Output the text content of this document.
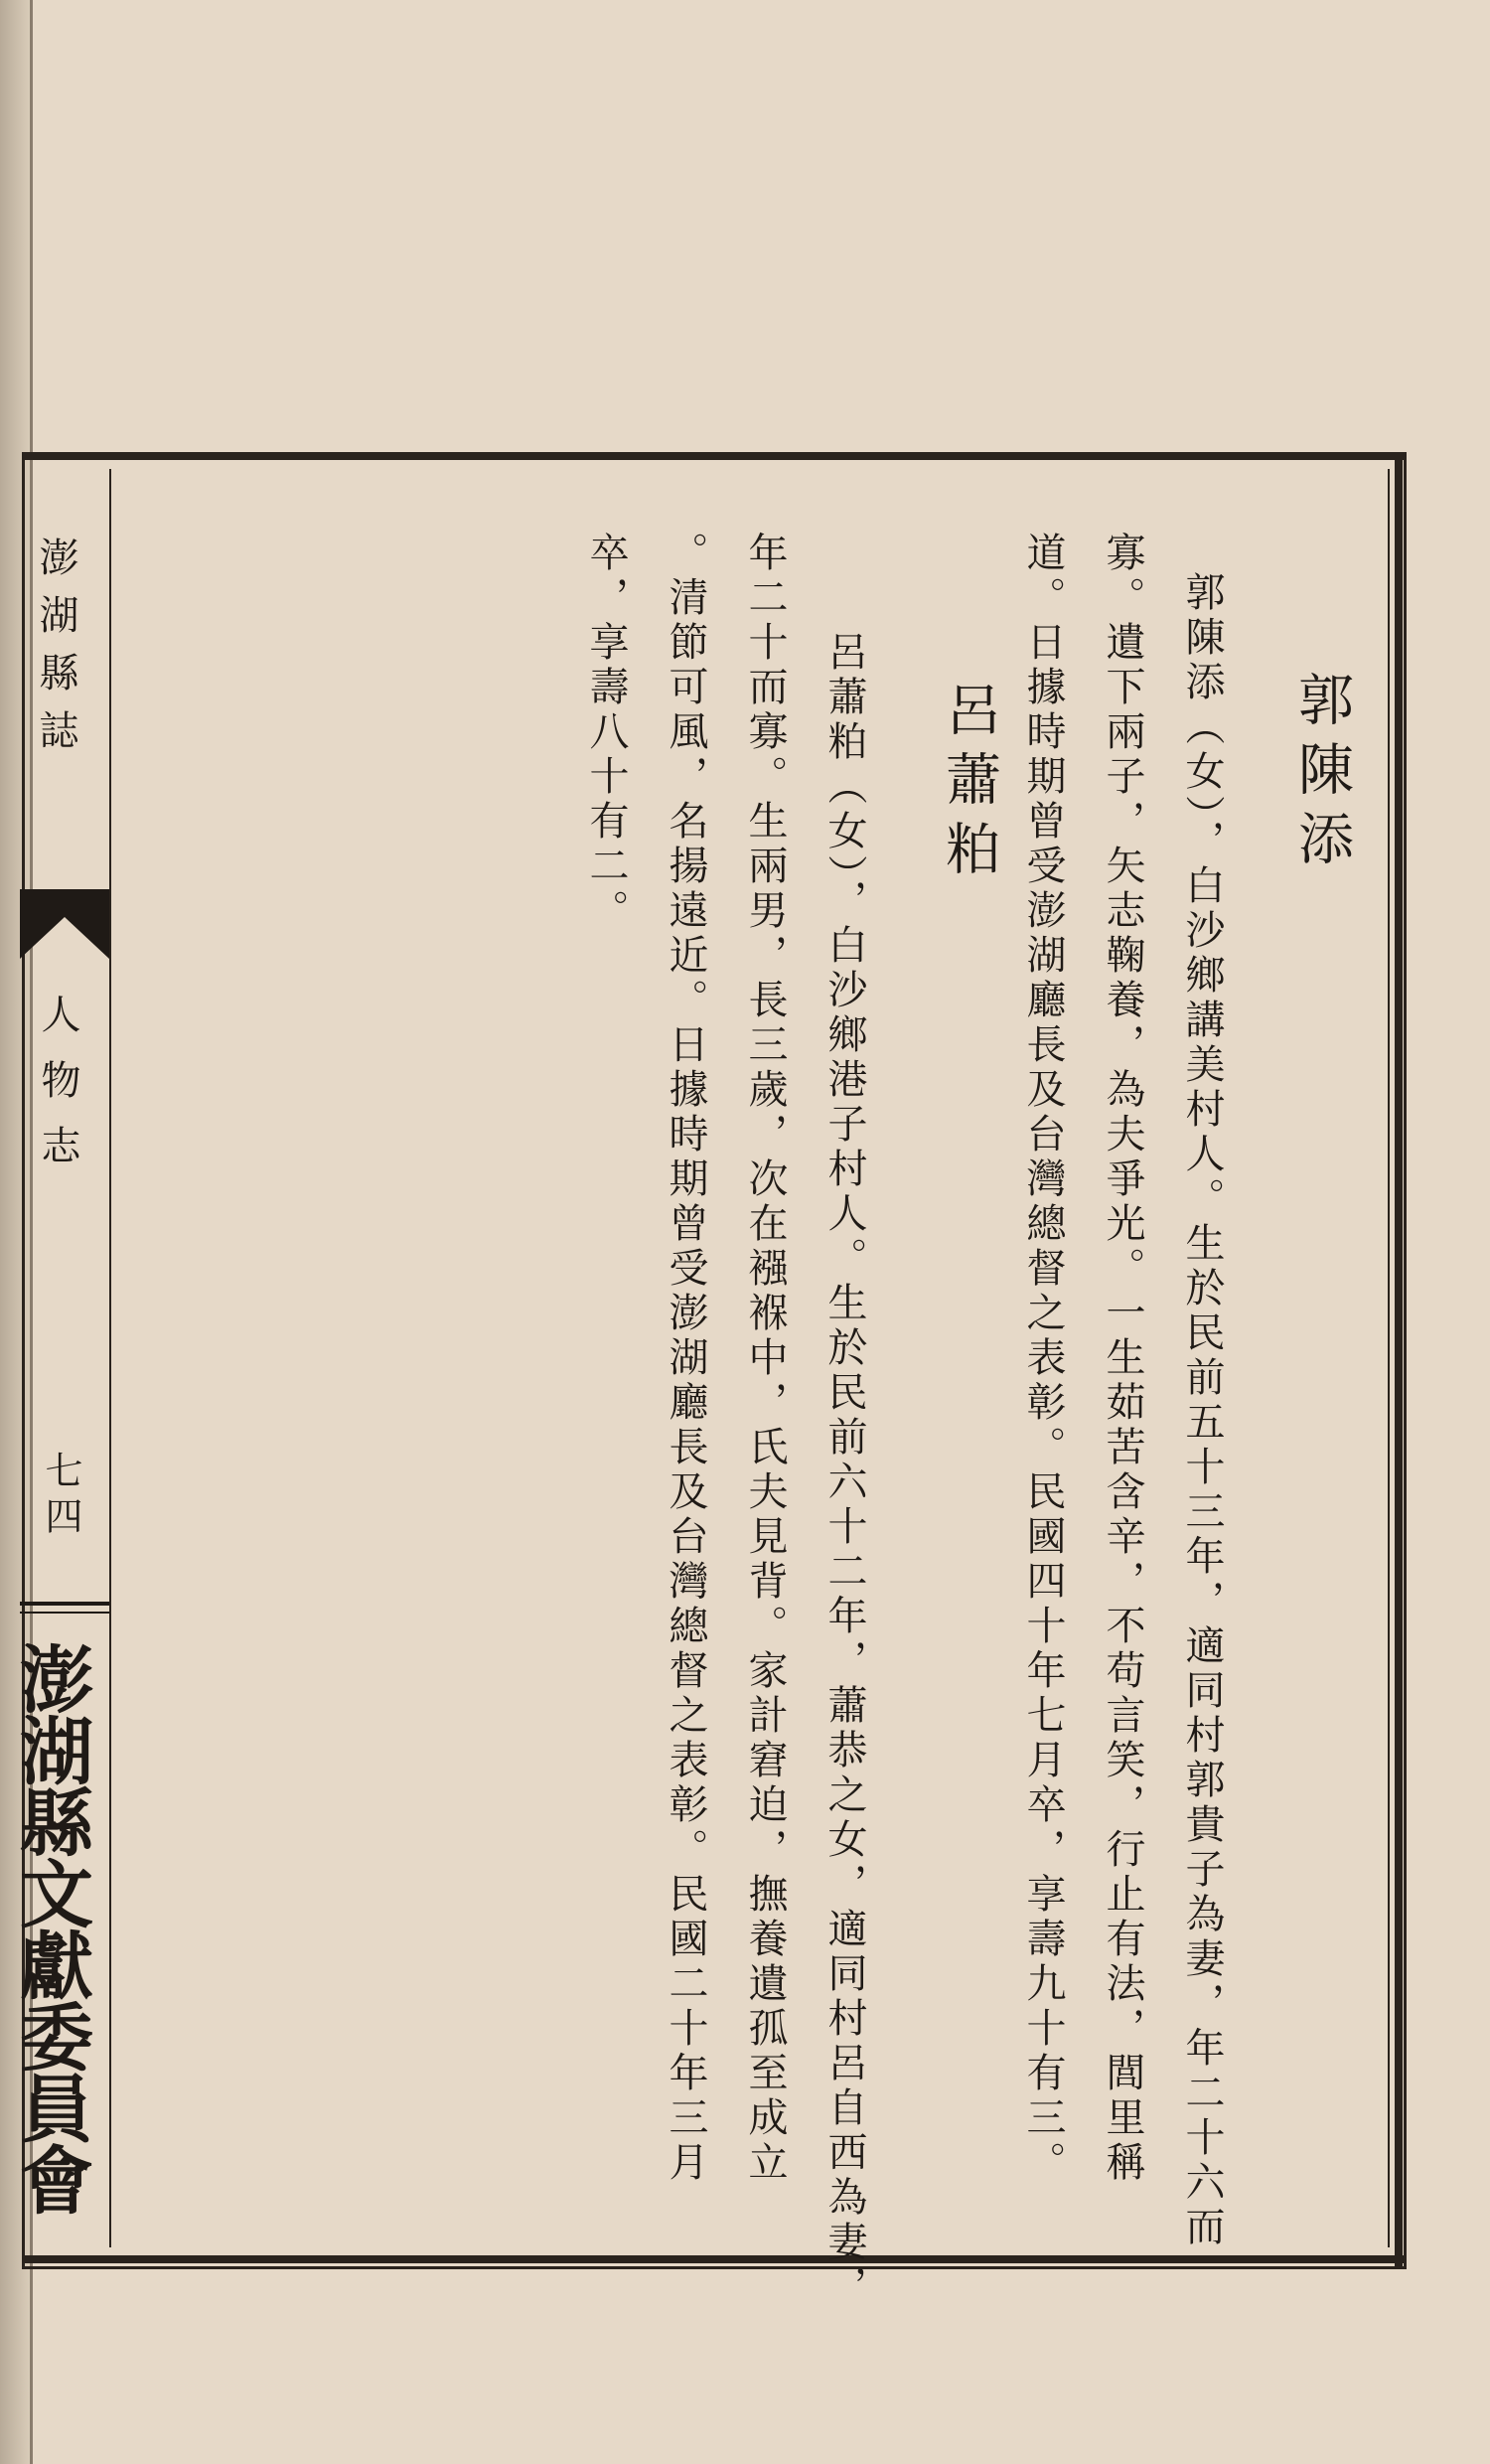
澎湖縣誌
人物志
七四
澎湖縣文獻委員會
郭陳添
郭陳添（女），白沙鄉講美村人。生於民前五十三年，適同村郭貴子為妻，年二十六而
寡。遺下兩子，矢志鞠養，為夫爭光。一生茹苦含辛，不苟言笑，行止有法，閭里稱
道。日據時期曾受澎湖廳長及台灣總督之表彰。民國四十年七月卒，享壽九十有三。
呂蕭粕
呂蕭粕（女），白沙鄉港子村人。生於民前六十二年，蕭恭之女，適同村呂自西為妻，
年二十而寡。生兩男，長三歲，次在襁褓中，氏夫見背。家計窘迫，撫養遺孤至成立
。清節可風，名揚遠近。日據時期曾受澎湖廳長及台灣總督之表彰。民國二十年三月
卒，享壽八十有二。
